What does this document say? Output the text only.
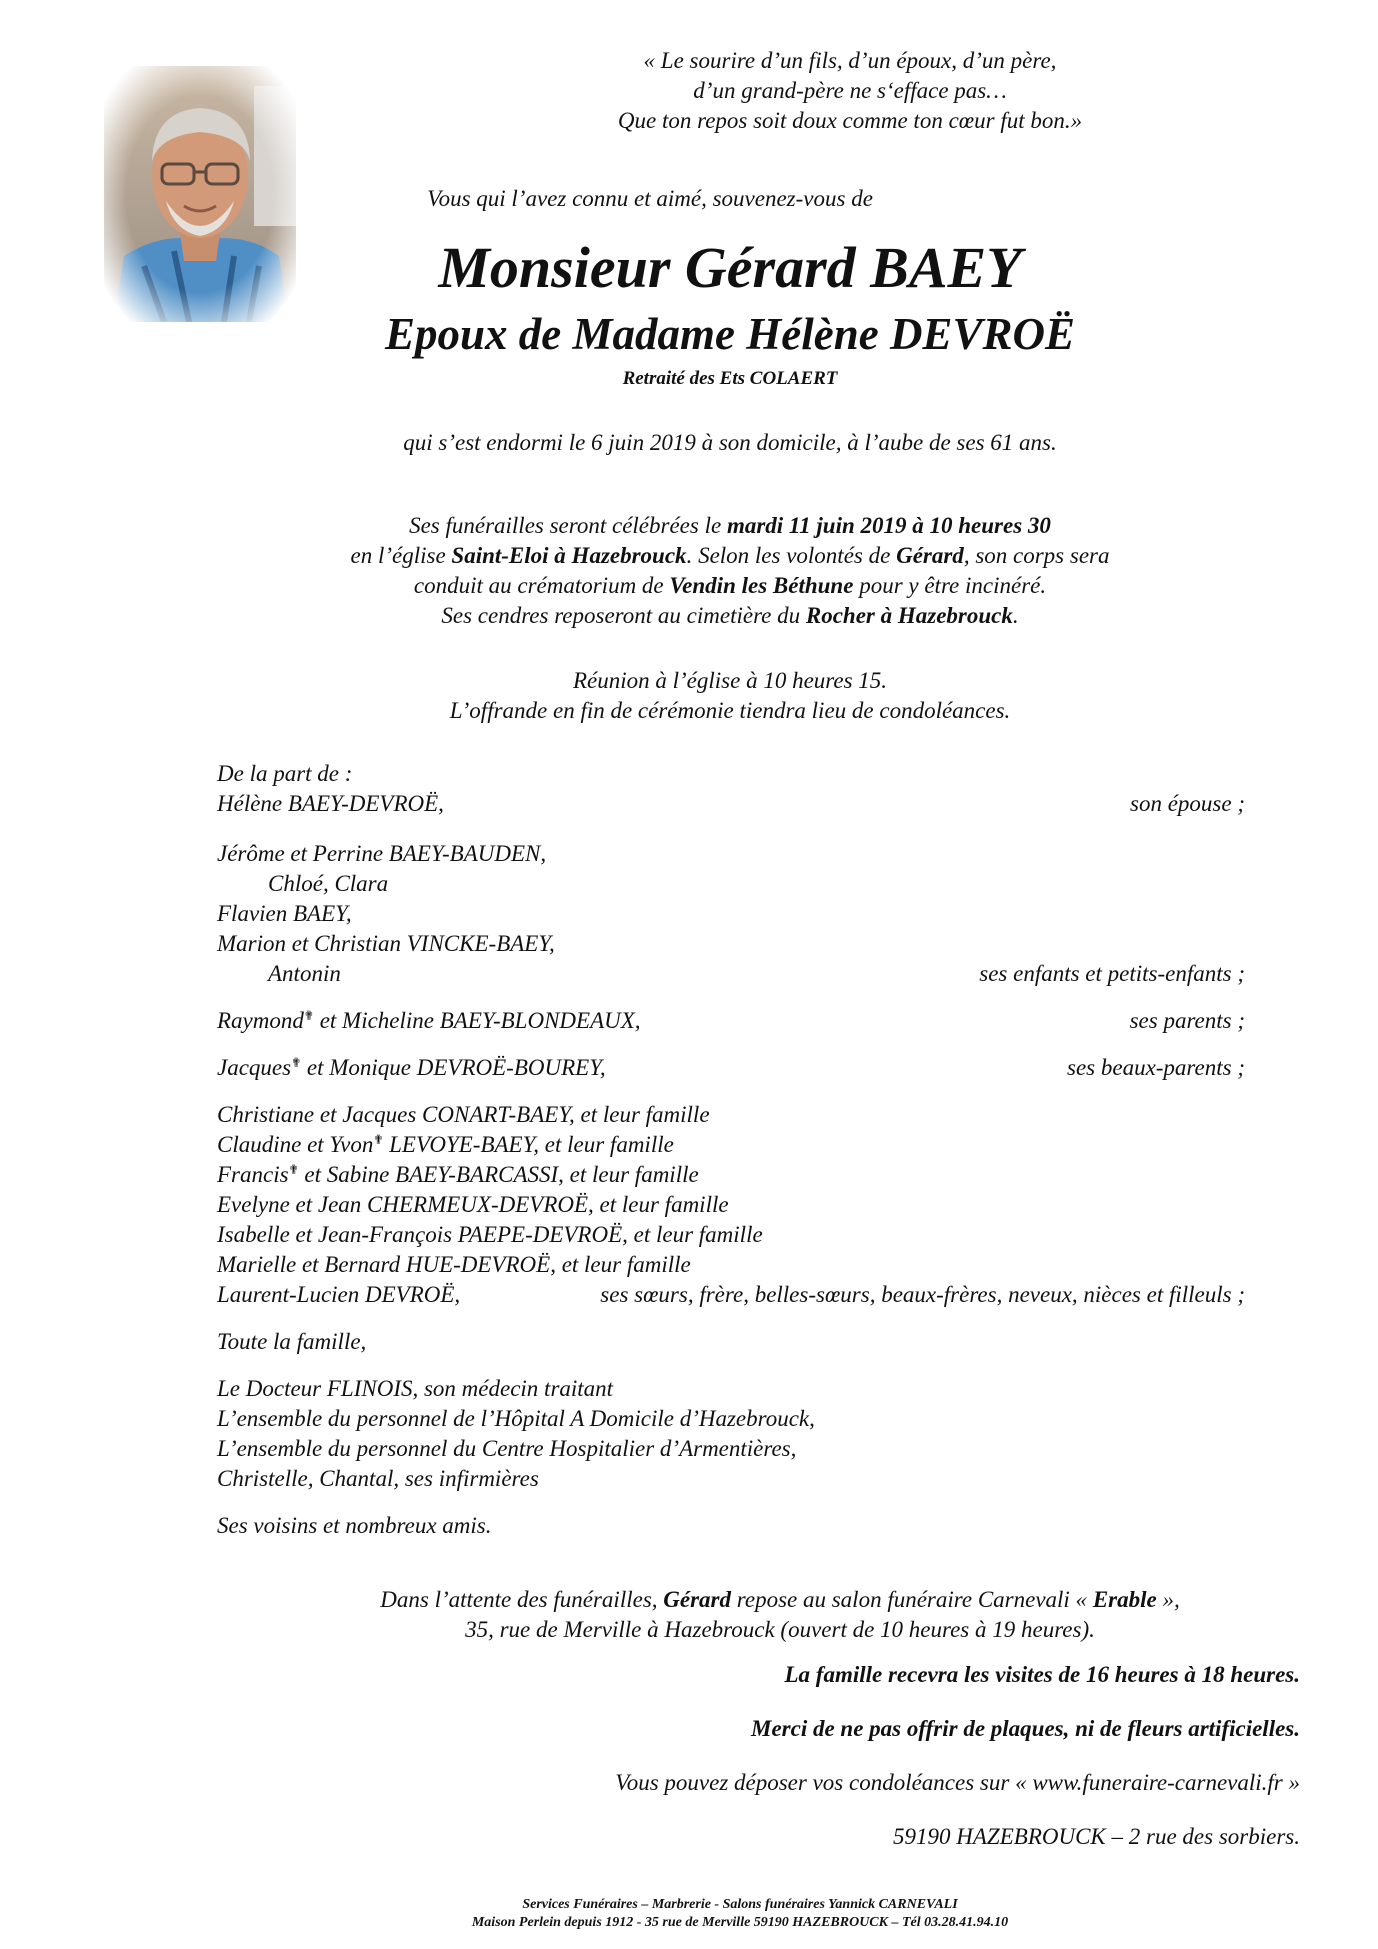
« Le sourire d’un fils, d’un époux, d’un père,
d’un grand-père ne s‘efface pas…
Que ton repos soit doux comme ton cœur fut bon.»
Vous qui l’avez connu et aimé, souvenez-vous de
Monsieur Gérard BAEY
Epoux de Madame Hélène DEVROË
Retraité des Ets COLAERT
qui s’est endormi le 6 juin 2019 à son domicile, à l’aube de ses 61 ans.
Ses funérailles seront célébrées le mardi 11 juin 2019 à 10 heures 30
en l’église Saint-Eloi à Hazebrouck. Selon les volontés de Gérard, son corps sera
conduit au crématorium de Vendin les Béthune pour y être incinéré.
Ses cendres reposeront au cimetière du Rocher à Hazebrouck.
Réunion à l’église à 10 heures 15.
L’offrande en fin de cérémonie tiendra lieu de condoléances.
De la part de :
Hélène BAEY-DEVROË,	son épouse ;
Jérôme et Perrine BAEY-BAUDEN,
Chloé, Clara
Flavien BAEY,
Marion et Christian VINCKE-BAEY,
Antonin	ses enfants et petits-enfants ;
Raymond✟ et Micheline BAEY-BLONDEAUX,	ses parents ;
Jacques✟ et Monique DEVROË-BOUREY,	ses beaux-parents ;
Christiane et Jacques CONART-BAEY, et leur famille
Claudine et Yvon✟ LEVOYE-BAEY, et leur famille
Francis✟ et Sabine BAEY-BARCASSI, et leur famille
Evelyne et Jean CHERMEUX-DEVROË, et leur famille
Isabelle et Jean-François PAEPE-DEVROË, et leur famille
Marielle et Bernard HUE-DEVROË, et leur famille
Laurent-Lucien DEVROË,	ses sœurs, frère, belles-sœurs, beaux-frères, neveux, nièces et filleuls ;
Toute la famille,
Le Docteur FLINOIS, son médecin traitant
L’ensemble du personnel de l’Hôpital A Domicile d’Hazebrouck,
L’ensemble du personnel du Centre Hospitalier d’Armentières,
Christelle, Chantal, ses infirmières
Ses voisins et nombreux amis.
Dans l’attente des funérailles, Gérard repose au salon funéraire Carnevali « Erable »,
35, rue de Merville à Hazebrouck (ouvert de 10 heures à 19 heures).
La famille recevra les visites de 16 heures à 18 heures.
Merci de ne pas offrir de plaques, ni de fleurs artificielles.
Vous pouvez déposer vos condoléances sur « www.funeraire-carnevali.fr »
59190 HAZEBROUCK – 2 rue des sorbiers.
Services Funéraires – Marbrerie - Salons funéraires Yannick CARNEVALI
Maison Perlein depuis 1912 - 35 rue de Merville 59190 HAZEBROUCK – Tél 03.28.41.94.10
